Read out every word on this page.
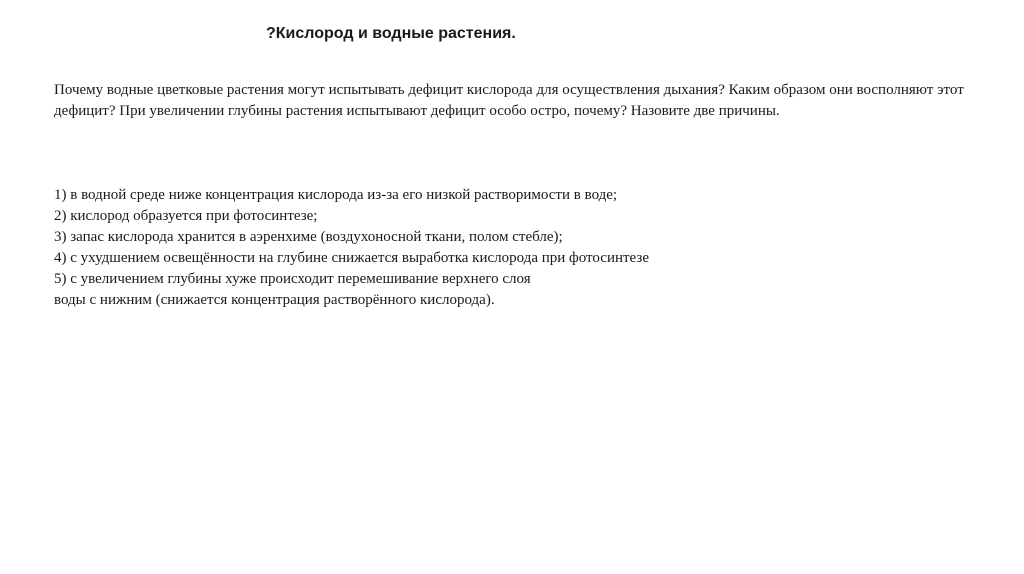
?Кислород и водные растения.

Почему водные цветковые растения могут испытывать дефицит кислорода для осуществления дыхания? Каким образом они восполняют этот дефицит? При увеличении глубины растения испытывают дефицит особо остро, почему? Назовите две причины.

1) в водной среде ниже концентрация кислорода из-за его низкой растворимости в воде;
2) кислород образуется при фотосинтезе;
3) запас кислорода хранится в аэренхиме (воздухоносной ткани, полом стебле);
4) с ухудшением освещённости на глубине снижается выработка кислорода при фотосинтезе
5) с увеличением глубины хуже происходит перемешивание верхнего слоя
воды с нижним (снижается концентрация растворённого кислорода).
